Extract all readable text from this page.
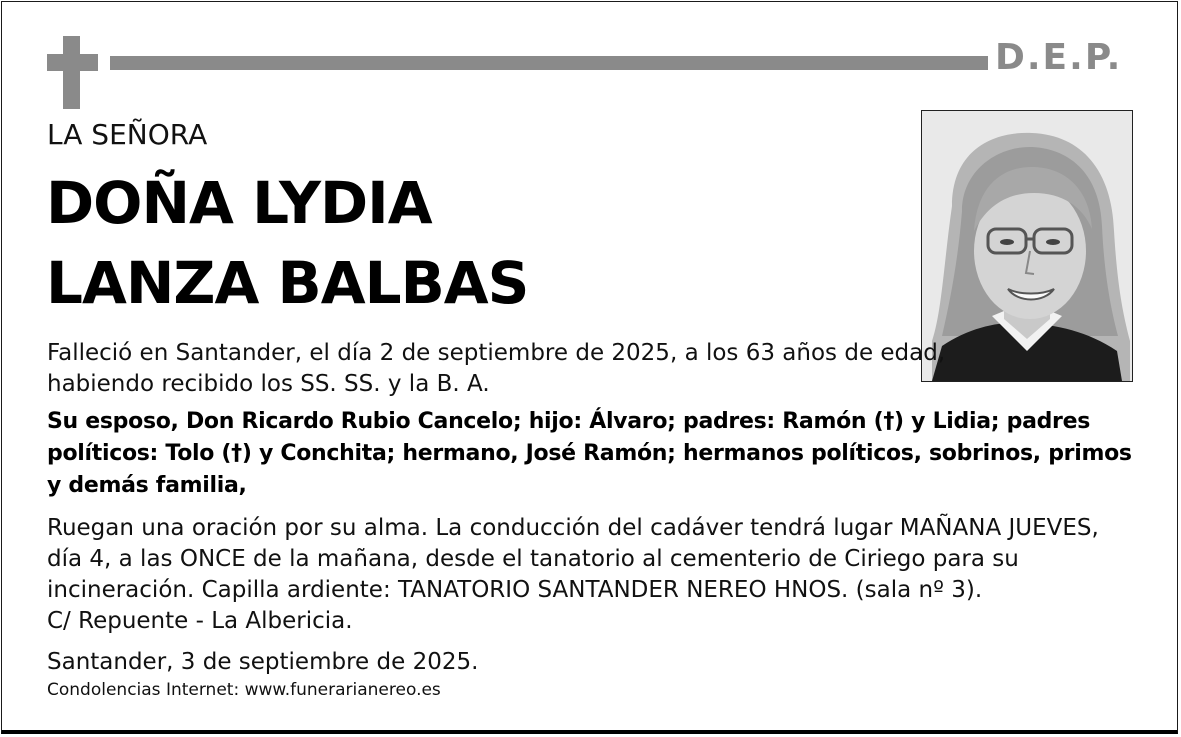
D.E.P.
LA SEÑORA
DOÑA LYDIA
LANZA BALBAS
Falleció en Santander, el día 2 de septiembre de 2025, a los 63 años de edad,
habiendo recibido los SS. SS. y la B. A.
Su esposo, Don Ricardo Rubio Cancelo; hijo: Álvaro; padres: Ramón (†) y Lidia; padres
políticos: Tolo (†) y Conchita; hermano, José Ramón; hermanos políticos, sobrinos, primos
y demás familia,
Ruegan una oración por su alma. La conducción del cadáver tendrá lugar MAÑANA JUEVES,
día 4, a las ONCE de la mañana, desde el tanatorio al cementerio de Ciriego para su
incineración. Capilla ardiente: TANATORIO SANTANDER NEREO HNOS. (sala nº 3).
C/ Repuente - La Albericia.
Santander, 3 de septiembre de 2025.
Condolencias Internet: www.funerarianereo.es
